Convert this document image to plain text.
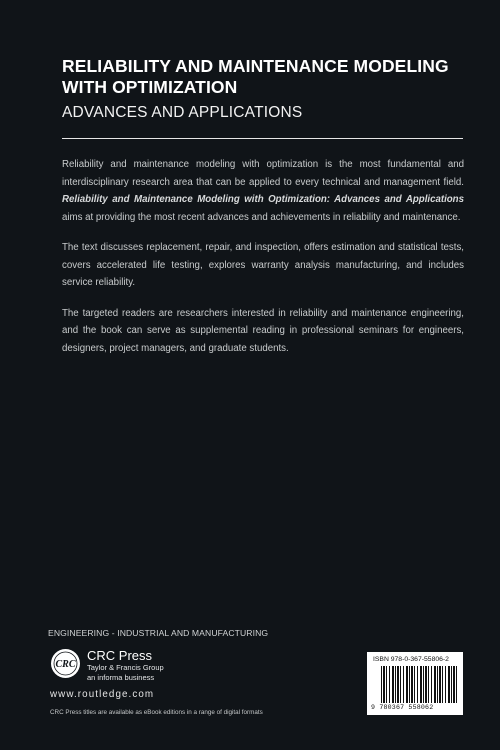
RELIABILITY AND MAINTENANCE MODELING WITH OPTIMIZATION
ADVANCES AND APPLICATIONS

Reliability and maintenance modeling with optimization is the most fundamental and interdisciplinary research area that can be applied to every technical and management field. Reliability and Maintenance Modeling with Optimization: Advances and Applications aims at providing the most recent advances and achievements in reliability and maintenance.

The text discusses replacement, repair, and inspection, offers estimation and statistical tests, covers accelerated life testing, explores warranty analysis manufacturing, and includes service reliability.

The targeted readers are researchers interested in reliability and maintenance engineering, and the book can serve as supplemental reading in professional seminars for engineers, designers, project managers, and graduate students.

ENGINEERING - INDUSTRIAL AND MANUFACTURING
CRC
CRC Press
Taylor & Francis Group
an informa business
www.routledge.com
CRC Press titles are available as eBook editions in a range of digital formats
ISBN 978-0-367-55806-2
9 780367 558062
